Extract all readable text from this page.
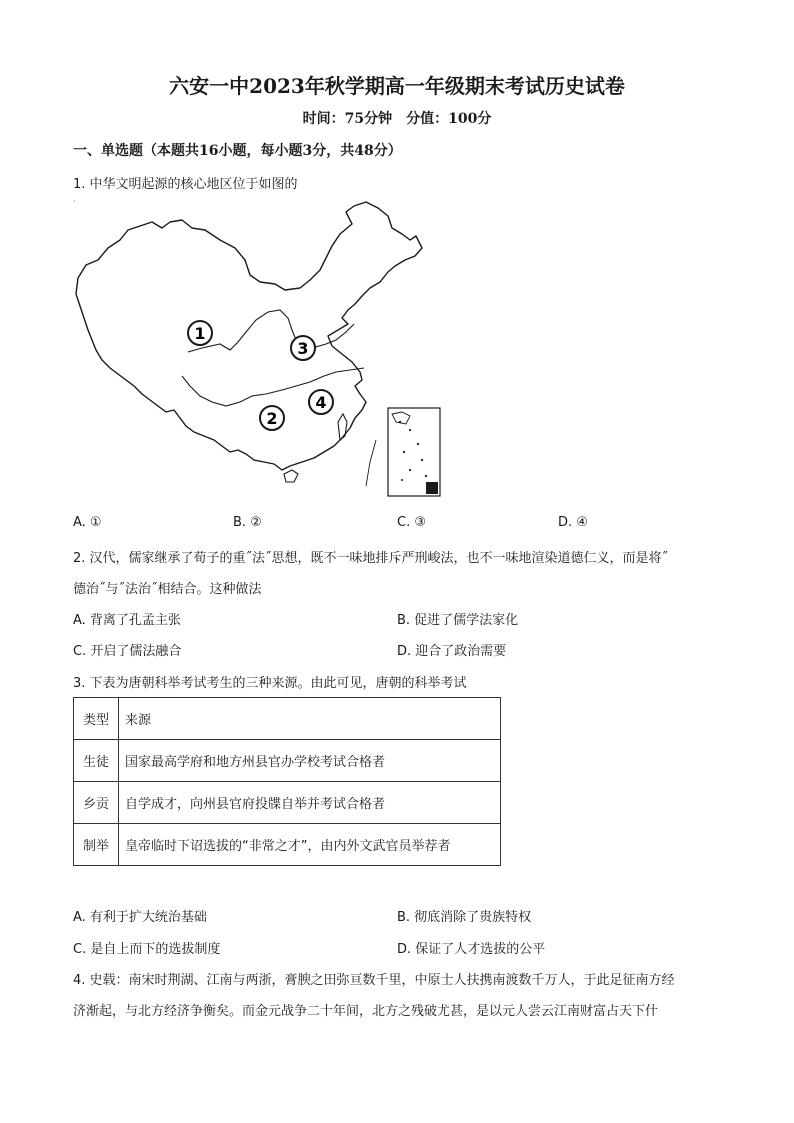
六安一中2023年秋学期高一年级期末考试历史试卷
时间：75分钟　分值：100分
一、单选题（本题共16小题，每小题3分，共48分）
1. 中华文明起源的核心地区位于如图的
·
1
3
2
4
A. ①	B. ②	C. ③	D. ④
2. 汉代，儒家继承了荀子的重˝法˝思想，既不一味地排斥严刑峻法，也不一味地渲染道德仁义，而是将˝
德治˝与˝法治˝相结合。这种做法
A. 背离了孔孟主张	B. 促进了儒学法家化
C. 开启了儒法融合	D. 迎合了政治需要
3. 下表为唐朝科举考试考生的三种来源。由此可见，唐朝的科举考试
类型	来源
生徒	国家最高学府和地方州县官办学校考试合格者
乡贡	自学成才，向州县官府投牒自举并考试合格者
制举	皇帝临时下诏选拔的“非常之才”，由内外文武官员举荐者
A. 有利于扩大统治基础	B. 彻底消除了贵族特权
C. 是自上而下的选拔制度	D. 保证了人才选拔的公平
4. 史载：南宋时荆湖、江南与两浙，膏腴之田弥亘数千里，中原士人扶携南渡数千万人，于此足征南方经
济渐起，与北方经济争衡矣。而金元战争二十年间，北方之残破尤甚，是以元人尝云江南财富占天下什
